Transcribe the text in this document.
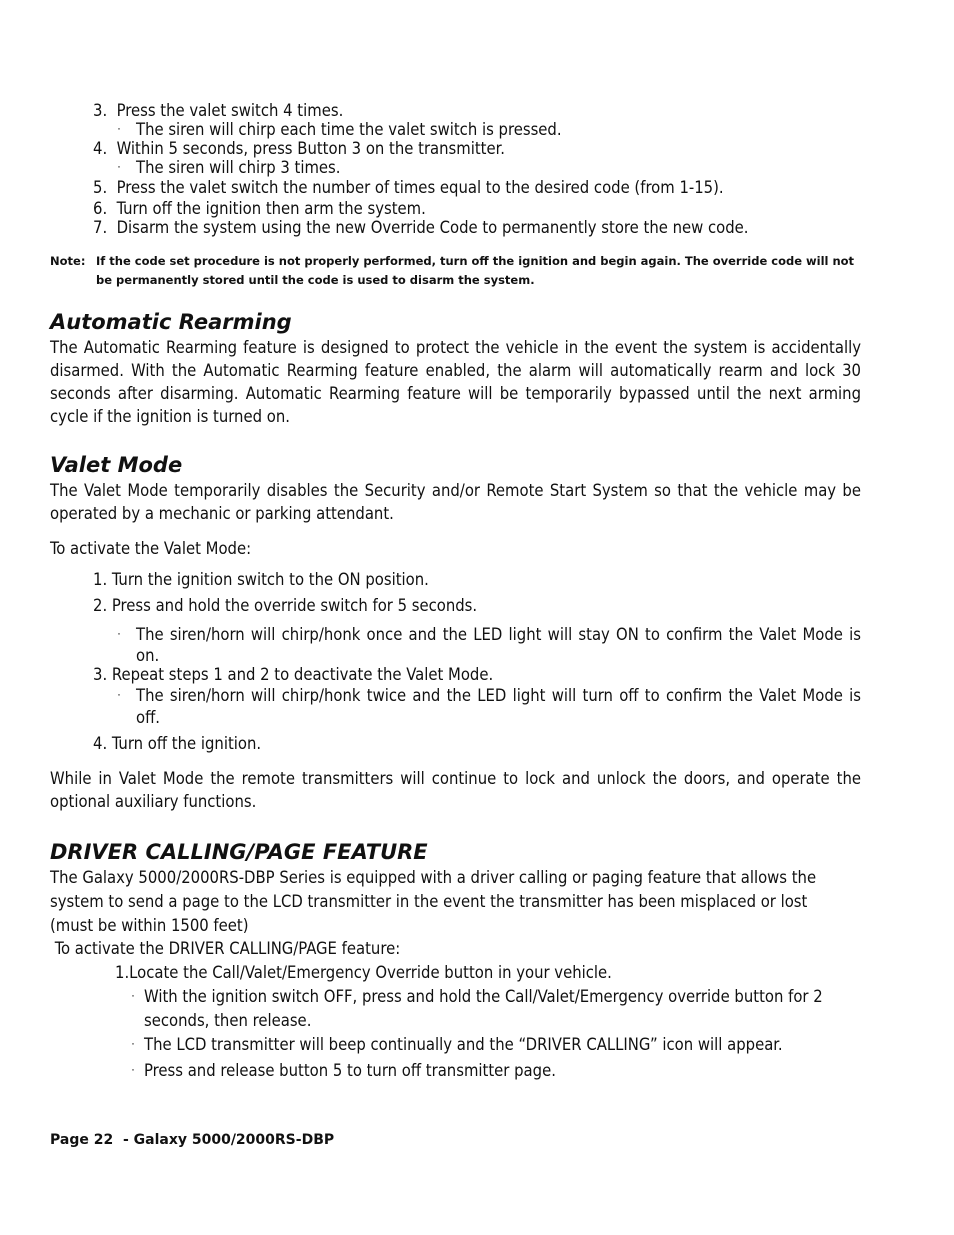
3. Press the valet switch 4 times.
· The siren will chirp each time the valet switch is pressed.
4. Within 5 seconds, press Button 3 on the transmitter.
· The siren will chirp 3 times.
5. Press the valet switch the number of times equal to the desired code (from 1-15).
6. Turn off the ignition then arm the system.
7. Disarm the system using the new Override Code to permanently store the new code.
Note: If the code set procedure is not properly performed, turn off the ignition and begin again. The override code will not
be permanently stored until the code is used to disarm the system.
Automatic Rearming
The Automatic Rearming feature is designed to protect the vehicle in the event the system is accidentally
disarmed. With the Automatic Rearming feature enabled, the alarm will automatically rearm and lock 30
seconds after disarming. Automatic Rearming feature will be temporarily bypassed until the next arming
cycle if the ignition is turned on.
Valet Mode
The Valet Mode temporarily disables the Security and/or Remote Start System so that the vehicle may be
operated by a mechanic or parking attendant.
To activate the Valet Mode:
1. Turn the ignition switch to the ON position.
2. Press and hold the override switch for 5 seconds.
· The siren/horn will chirp/honk once and the LED light will stay ON to confirm the Valet Mode is
on.
3. Repeat steps 1 and 2 to deactivate the Valet Mode.
· The siren/horn will chirp/honk twice and the LED light will turn off to confirm the Valet Mode is
off.
4. Turn off the ignition.
While in Valet Mode the remote transmitters will continue to lock and unlock the doors, and operate the
optional auxiliary functions.
DRIVER CALLING/PAGE FEATURE
The Galaxy 5000/2000RS-DBP Series is equipped with a driver calling or paging feature that allows the
system to send a page to the LCD transmitter in the event the transmitter has been misplaced or lost
(must be within 1500 feet)
To activate the DRIVER CALLING/PAGE feature:
1.Locate the Call/Valet/Emergency Override button in your vehicle.
· With the ignition switch OFF, press and hold the Call/Valet/Emergency override button for 2
seconds, then release.
· The LCD transmitter will beep continually and the “DRIVER CALLING” icon will appear.
· Press and release button 5 to turn off transmitter page.
Page 22  - Galaxy 5000/2000RS-DBP
